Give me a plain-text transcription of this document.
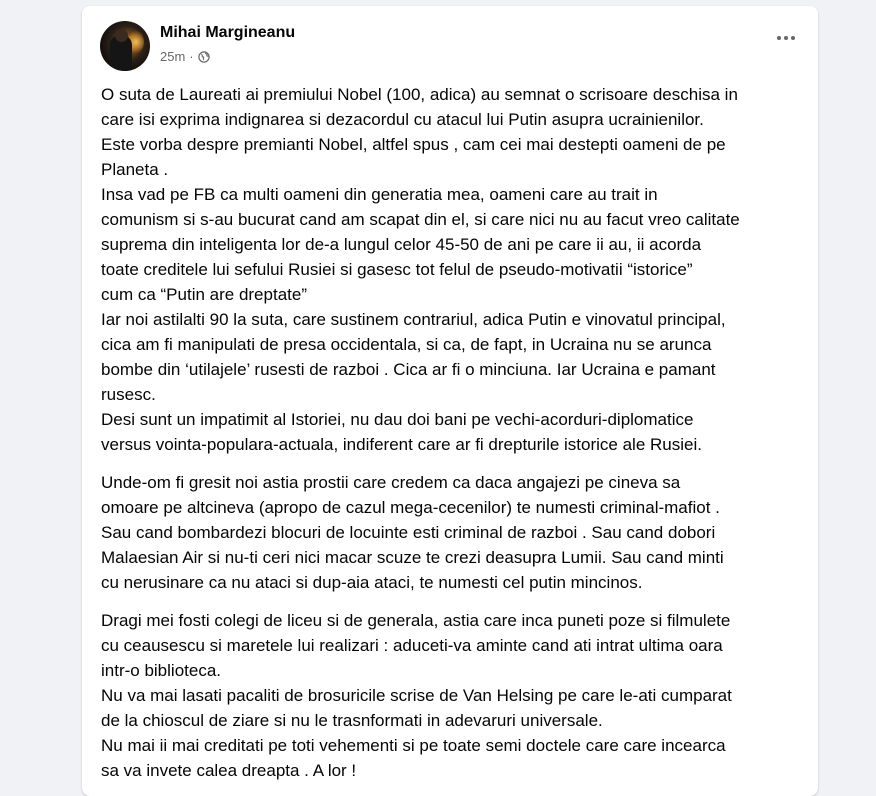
Mihai Margineanu
25m ·
O suta de Laureati ai premiului Nobel (100, adica) au semnat o scrisoare deschisa in
care isi exprima indignarea si dezacordul cu atacul lui Putin asupra ucrainienilor.
Este vorba despre premianti Nobel, altfel spus , cam cei mai destepti oameni de pe
Planeta .
Insa vad pe FB ca multi oameni din generatia mea, oameni care au trait in
comunism si s-au bucurat cand am scapat din el, si care nici nu au facut vreo calitate
suprema din inteligenta lor de-a lungul celor 45-50 de ani pe care ii au, ii acorda
toate creditele lui sefului Rusiei si gasesc tot felul de pseudo-motivatii “istorice”
cum ca “Putin are dreptate”
Iar noi astilalti 90 la suta, care sustinem contrariul, adica Putin e vinovatul principal,
cica am fi manipulati de presa occidentala, si ca, de fapt, in Ucraina nu se arunca
bombe din ‘utilajele’ rusesti de razboi . Cica ar fi o minciuna. Iar Ucraina e pamant
rusesc.
Desi sunt un impatimit al Istoriei, nu dau doi bani pe vechi-acorduri-diplomatice
versus vointa-populara-actuala, indiferent care ar fi drepturile istorice ale Rusiei.
Unde-om fi gresit noi astia prostii care credem ca daca angajezi pe cineva sa
omoare pe altcineva (apropo de cazul mega-cecenilor) te numesti criminal-mafiot .
Sau cand bombardezi blocuri de locuinte esti criminal de razboi . Sau cand dobori
Malaesian Air si nu-ti ceri nici macar scuze te crezi deasupra Lumii. Sau cand minti
cu nerusinare ca nu ataci si dup-aia ataci, te numesti cel putin mincinos.
Dragi mei fosti colegi de liceu si de generala, astia care inca puneti poze si filmulete
cu ceausescu si maretele lui realizari : aduceti-va aminte cand ati intrat ultima oara
intr-o biblioteca.
Nu va mai lasati pacaliti de brosuricile scrise de Van Helsing pe care le-ati cumparat
de la chioscul de ziare si nu le trasnformati in adevaruri universale.
Nu mai ii mai creditati pe toti vehementi si pe toate semi doctele care care incearca
sa va invete calea dreapta . A lor !
